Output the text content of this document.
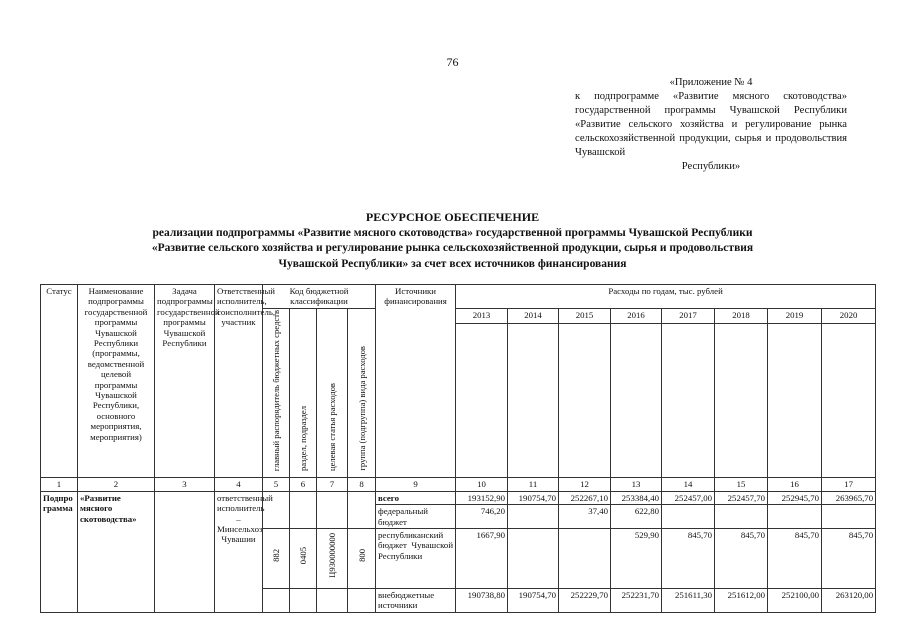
76
«Приложение № 4
к подпрограмме «Развитие мясного скотоводства» государственной программы Чувашской Республики «Развитие сельского хозяйства и регулирование рынка сельскохозяйственной продукции, сырья и продовольствия Чувашской
Республики»
РЕСУРСНОЕ ОБЕСПЕЧЕНИЕ
реализации подпрограммы «Развитие мясного скотоводства» государственной программы Чувашской Республики
«Развитие сельского хозяйства и регулирование рынка сельскохозяйственной продукции, сырья и продовольствия
Чувашской Республики» за счет всех источников финансирования
Статус	Наименование подпрограммы государственной программы Чувашской Республики (программы, ведомственной целевой программы Чувашской Республики, основного мероприятия, мероприятия)	Задача подпрограммы государственной программы Чувашской Республики	Ответственный исполнитель, соисполнитель, участник	Код бюджетной классификации				Источники финансирования	Расходы по годам, тыс. рублей							
				главный распорядитель бюджетных средств	раздел, подраздел	целевая статья расходов	группа (подгруппа) вида расходов		2013	2014	2015	2016	2017	2018	2019	2020

1	2	3	4	5	6	7	8	9	10	11	12	13	14	15	16	17
Подпрограмма	«Развитие мясного скотоводства»		ответственный исполнитель – Минсельхоз Чувашии					всего	193152,90	190754,70	252267,10	253384,40	252457,00	252457,70	252945,70	263965,70
								федеральный бюджет	746,20		37,40	622,80				
				882	0405	Ц930000000	800	республиканский бюджет Чувашской Республики	1667,90			529,90	845,70	845,70	845,70	845,70
								внебюджетные источники	190738,80	190754,70	252229,70	252231,70	251611,30	251612,00	252100,00	263120,00
